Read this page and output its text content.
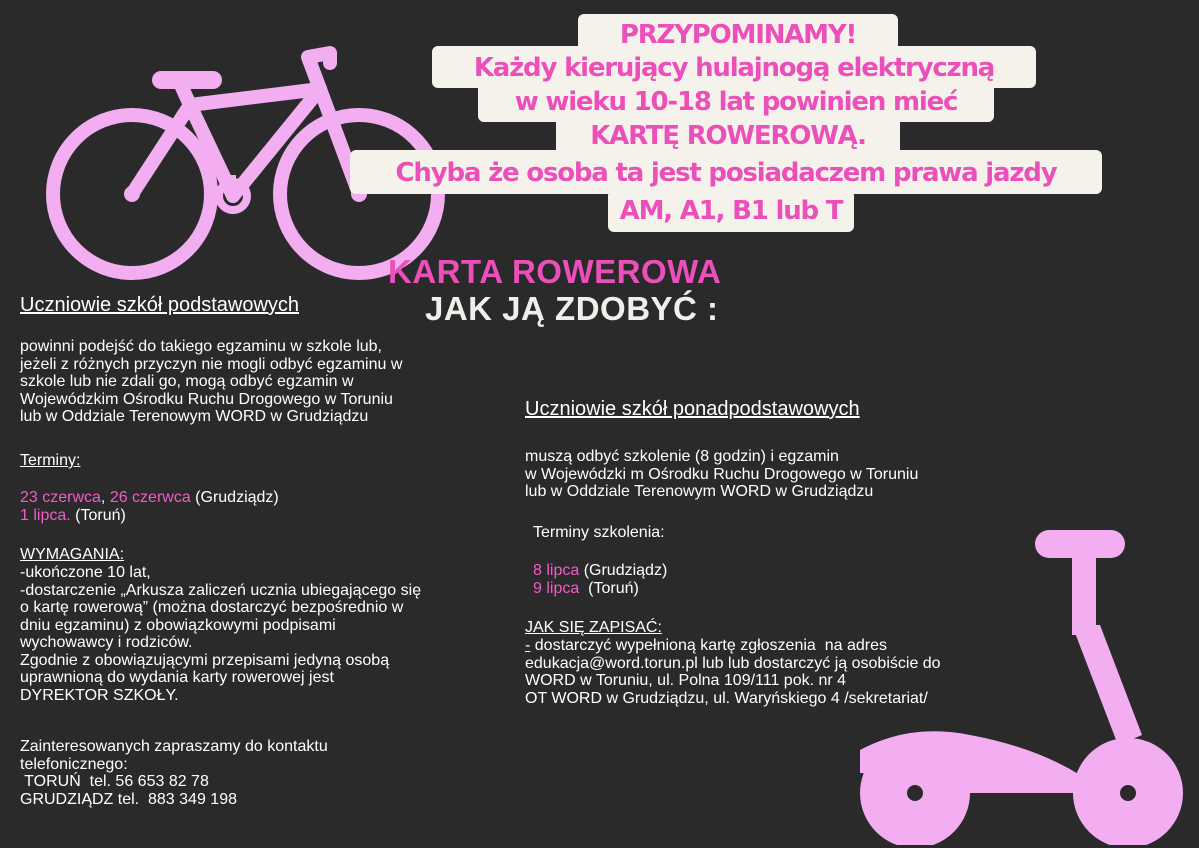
PRZYPOMINAMY!
Każdy kierujący hulajnogą elektryczną
w wieku 10-18 lat powinien mieć
KARTĘ ROWEROWĄ.
Chyba że osoba ta jest posiadaczem prawa jazdy
AM, A1, B1 lub T
KARTA ROWEROWA
JAK JĄ ZDOBYĆ :
Uczniowie szkół podstawowych
powinni podejść do takiego egzaminu w szkole lub,
jeżeli z różnych przyczyn nie mogli odbyć egzaminu w
szkole lub nie zdali go, mogą odbyć egzamin w
Wojewódzkim Ośrodku Ruchu Drogowego w Toruniu
lub w Oddziale Terenowym WORD w Grudziądzu
Terminy:
23 czerwca, 26 czerwca (Grudziądz)
1 lipca. (Toruń)
WYMAGANIA:
-ukończone 10 lat,
-dostarczenie „Arkusza zaliczeń ucznia ubiegającego się
o kartę rowerową” (można dostarczyć bezpośrednio w
dniu egzaminu) z obowiązkowymi podpisami
wychowawcy i rodziców.
Zgodnie z obowiązującymi przepisami jedyną osobą
uprawnioną do wydania karty rowerowej jest
DYREKTOR SZKOŁY.
Zainteresowanych zapraszamy do kontaktu
telefonicznego:
TORUŃ  tel. 56 653 82 78
GRUDZIĄDZ tel.  883 349 198
Uczniowie szkół ponadpodstawowych
muszą odbyć szkolenie (8 godzin) i egzamin
w Wojewódzki m Ośrodku Ruchu Drogowego w Toruniu
lub w Oddziale Terenowym WORD w Grudziądzu
Terminy szkolenia:
8 lipca (Grudziądz)
9 lipca  (Toruń)
JAK SIĘ ZAPISAĆ:
- dostarczyć wypełnioną kartę zgłoszenia  na adres
edukacja@word.torun.pl lub lub dostarczyć ją osobiście do
WORD w Toruniu, ul. Polna 109/111 pok. nr 4
OT WORD w Grudziądzu, ul. Waryńskiego 4 /sekretariat/
